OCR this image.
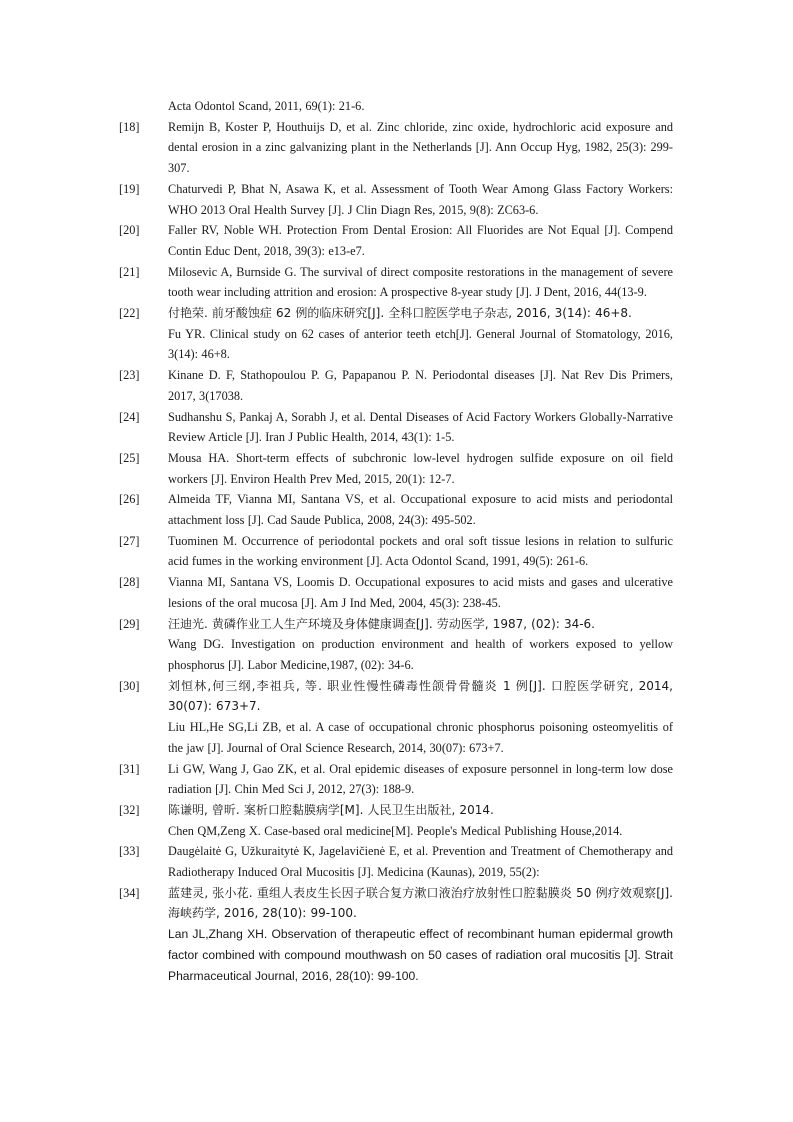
Acta Odontol Scand, 2011, 69(1): 21-6.
[18]	Remijn B, Koster P, Houthuijs D, et al. Zinc chloride, zinc oxide, hydrochloric acid exposure and dental erosion in a zinc galvanizing plant in the Netherlands [J]. Ann Occup Hyg, 1982, 25(3): 299-307.
[19]	Chaturvedi P, Bhat N, Asawa K, et al. Assessment of Tooth Wear Among Glass Factory Workers: WHO 2013 Oral Health Survey [J]. J Clin Diagn Res, 2015, 9(8): ZC63-6.
[20]	Faller RV, Noble WH. Protection From Dental Erosion: All Fluorides are Not Equal [J]. Compend Contin Educ Dent, 2018, 39(3): e13-e7.
[21]	Milosevic A, Burnside G. The survival of direct composite restorations in the management of severe tooth wear including attrition and erosion: A prospective 8-year study [J]. J Dent, 2016, 44(13-9.
[22]	付艳荣. 前牙酸蚀症 62 例的临床研究[J]. 全科口腔医学电子杂志, 2016, 3(14): 46+8.
Fu YR. Clinical study on 62 cases of anterior teeth etch[J]. General Journal of Stomatology, 2016, 3(14): 46+8.
[23]	Kinane D. F, Stathopoulou P. G, Papapanou P. N. Periodontal diseases [J]. Nat Rev Dis Primers, 2017, 3(17038.
[24]	Sudhanshu S, Pankaj A, Sorabh J, et al. Dental Diseases of Acid Factory Workers Globally-Narrative Review Article [J]. Iran J Public Health, 2014, 43(1): 1-5.
[25]	Mousa HA. Short-term effects of subchronic low-level hydrogen sulfide exposure on oil field workers [J]. Environ Health Prev Med, 2015, 20(1): 12-7.
[26]	Almeida TF, Vianna MI, Santana VS, et al. Occupational exposure to acid mists and periodontal attachment loss [J]. Cad Saude Publica, 2008, 24(3): 495-502.
[27]	Tuominen M. Occurrence of periodontal pockets and oral soft tissue lesions in relation to sulfuric acid fumes in the working environment [J]. Acta Odontol Scand, 1991, 49(5): 261-6.
[28]	Vianna MI, Santana VS, Loomis D. Occupational exposures to acid mists and gases and ulcerative lesions of the oral mucosa [J]. Am J Ind Med, 2004, 45(3): 238-45.
[29]	汪迪光. 黄磷作业工人生产环境及身体健康调查[J]. 劳动医学, 1987, (02): 34-6.
Wang DG. Investigation on production environment and health of workers exposed to yellow phosphorus [J]. Labor Medicine,1987, (02): 34-6.
[30]	刘恒林,何三纲,李祖兵, 等. 职业性慢性磷毒性颌骨骨髓炎 1 例[J]. 口腔医学研究, 2014, 30(07): 673+7.
Liu HL,He SG,Li ZB, et al. A case of occupational chronic phosphorus poisoning osteomyelitis of the jaw [J]. Journal of Oral Science Research, 2014, 30(07): 673+7.
[31]	Li GW, Wang J, Gao ZK, et al. Oral epidemic diseases of exposure personnel in long-term low dose radiation [J]. Chin Med Sci J, 2012, 27(3): 188-9.
[32]	陈谦明, 曾昕. 案析口腔黏膜病学[M]. 人民卫生出版社, 2014.
Chen QM,Zeng X. Case-based oral medicine[M]. People's Medical Publishing House,2014.
[33]	Daugėlaitė G, Užkuraitytė K, Jagelavičienė E, et al. Prevention and Treatment of Chemotherapy and Radiotherapy Induced Oral Mucositis [J]. Medicina (Kaunas), 2019, 55(2):
[34]	蓝建灵, 张小花. 重组人表皮生长因子联合复方漱口液治疗放射性口腔黏膜炎 50 例疗效观察[J]. 海峡药学, 2016, 28(10): 99-100.
Lan JL,Zhang XH. Observation of therapeutic effect of recombinant human epidermal growth factor combined with compound mouthwash on 50 cases of radiation oral mucositis [J]. Strait Pharmaceutical Journal, 2016, 28(10): 99-100.
